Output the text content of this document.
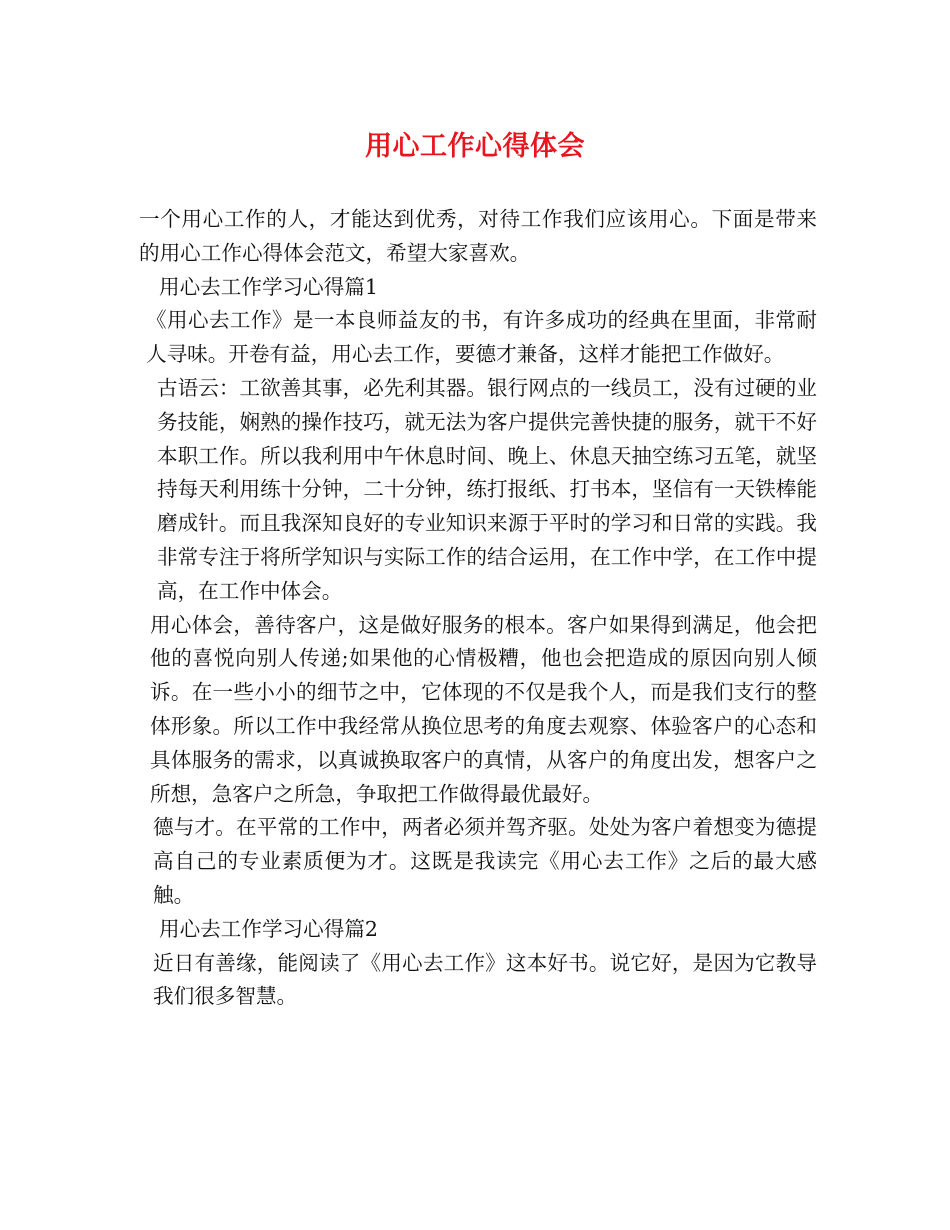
用心工作心得体会

一个用心工作的人，才能达到优秀，对待工作我们应该用心。下面是带来的用心工作心得体会范文，希望大家喜欢。

用心去工作学习心得篇1

《用心去工作》是一本良师益友的书，有许多成功的经典在里面，非常耐人寻味。开卷有益，用心去工作，要德才兼备，这样才能把工作做好。

古语云：工欲善其事，必先利其器。银行网点的一线员工，没有过硬的业务技能，娴熟的操作技巧，就无法为客户提供完善快捷的服务，就干不好本职工作。所以我利用中午休息时间、晚上、休息天抽空练习五笔，就坚持每天利用练十分钟，二十分钟，练打报纸、打书本，坚信有一天铁棒能磨成针。而且我深知良好的专业知识来源于平时的学习和日常的实践。我非常专注于将所学知识与实际工作的结合运用，在工作中学，在工作中提高，在工作中体会。

用心体会，善待客户，这是做好服务的根本。客户如果得到满足，他会把他的喜悦向别人传递;如果他的心情极糟，他也会把造成的原因向别人倾诉。在一些小小的细节之中，它体现的不仅是我个人，而是我们支行的整体形象。所以工作中我经常从换位思考的角度去观察、体验客户的心态和具体服务的需求，以真诚换取客户的真情，从客户的角度出发，想客户之所想，急客户之所急，争取把工作做得最优最好。

德与才。在平常的工作中，两者必须并驾齐驱。处处为客户着想变为德提高自己的专业素质便为才。这既是我读完《用心去工作》之后的最大感触。

用心去工作学习心得篇2

近日有善缘，能阅读了《用心去工作》这本好书。说它好，是因为它教导我们很多智慧。
